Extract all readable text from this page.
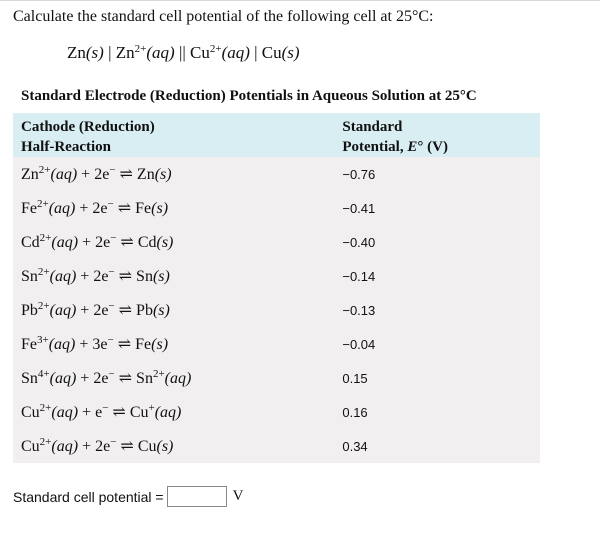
Calculate the standard cell potential of the following cell at 25°C:
Zn(s) | $Zn^{2+}(aq)$ || $Cu^{2+}(aq)$ | Cu(s)
Standard Electrode (Reduction) Potentials in Aqueous Solution at 25°C
Cathode (Reduction)
Half-Reaction	Standard
Potential, E° (V)
$Zn^{2+}(aq) + 2e^-$ ⇌ Zn(s)	−0.76
$Fe^{2+}(aq) + 2e^-$ ⇌ Fe(s)	−0.41
$Cd^{2+}(aq) + 2e^-$ ⇌ Cd(s)	−0.40
$Sn^{2+}(aq) + 2e^-$ ⇌ Sn(s)	−0.14
$Pb^{2+}(aq) + 2e^-$ ⇌ Pb(s)	−0.13
$Fe^{3+}(aq) + 3e^-$ ⇌ Fe(s)	−0.04
$Sn^{4+}(aq) + 2e^-$ ⇌ $Sn^{2+}(aq)$	0.15
$Cu^{2+}(aq) + e^-$ ⇌ Cu+(aq)	0.16
$Cu^{2+}(aq) + 2e^-$ ⇌ Cu(s)	0.34
Standard cell potential =	V
